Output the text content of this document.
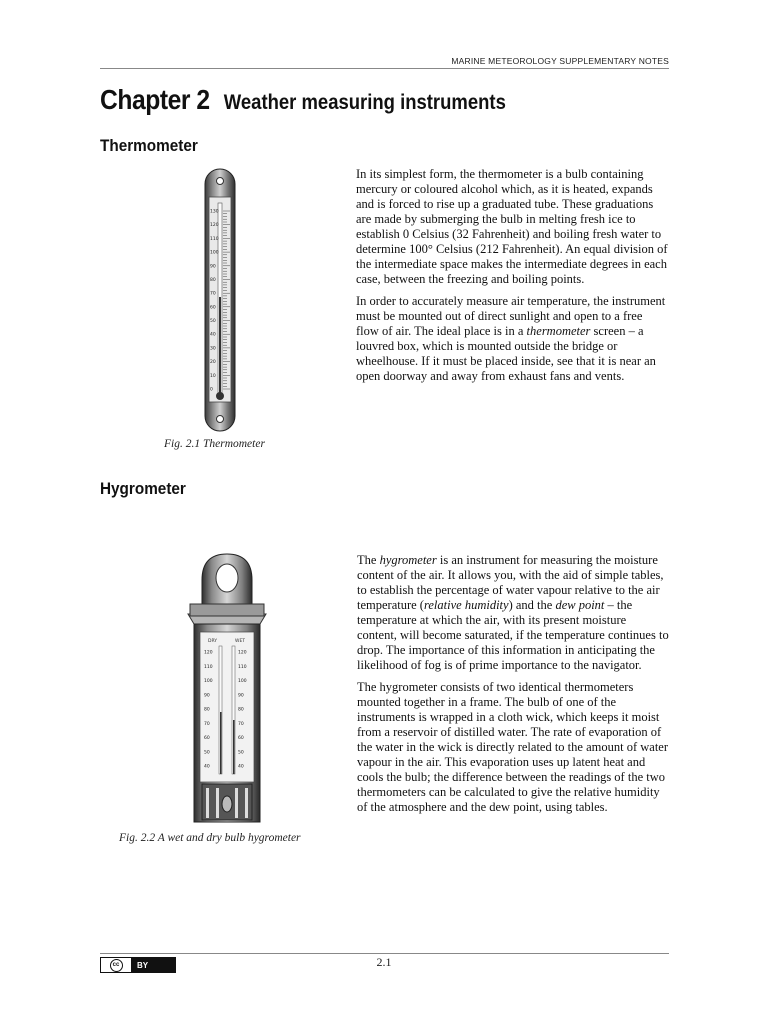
MARINE METEOROLOGY SUPPLEMENTARY NOTES
Chapter 2 Weather measuring instruments
Thermometer
130
120
110
100
90
80
70
60
50
40
30
20
10
0
Fig. 2.1 Thermometer

In its simplest form, the thermometer is a bulb containing mercury or coloured alcohol which, as it is heated, expands and is forced to rise up a graduated tube. These graduations are made by submerging the bulb in melting fresh ice to establish 0 Celsius (32 Fahrenheit) and boiling fresh water to determine 100° Celsius (212 Fahrenheit). An equal division of the intermediate space makes the intermediate degrees in each case, between the freezing and boiling points.

In order to accurately measure air temperature, the instrument must be mounted out of direct sunlight and open to a free flow of air. The ideal place is in a thermometer screen – a louvred box, which is mounted outside the bridge or wheelhouse. If it must be placed inside, see that it is near an open doorway and away from exhaust fans and vents.

Hygrometer
DRY	WET
120	120
110	110
100	100
90	90
80	80
70	70
60	60
50	50
40	40
Fig. 2.2 A wet and dry bulb hygrometer

The hygrometer is an instrument for measuring the moisture content of the air. It allows you, with the aid of simple tables, to establish the percentage of water vapour relative to the air temperature (relative humidity) and the dew point – the temperature at which the air, with its present moisture content, will become saturated, if the temperature continues to drop. The importance of this information in anticipating the likelihood of fog is of prime importance to the navigator.

The hygrometer consists of two identical thermometers mounted together in a frame. The bulb of one of the instruments is wrapped in a cloth wick, which keeps it moist from a reservoir of distilled water. The rate of evaporation of the water in the wick is directly related to the amount of water vapour in the air. This evaporation uses up latent heat and cools the bulb; the difference between the readings of the two thermometers can be calculated to give the relative humidity of the atmosphere and the dew point, using tables.

2.1
cc	BY
